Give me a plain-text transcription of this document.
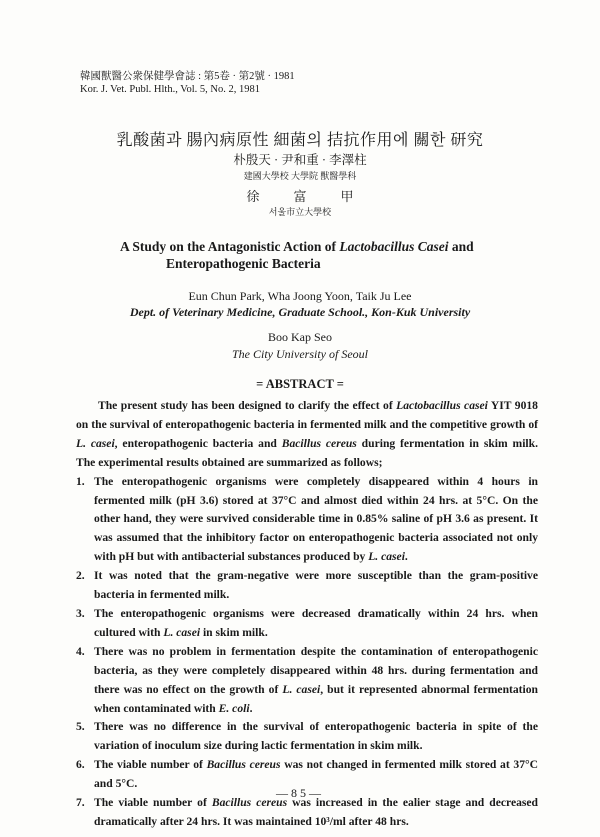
韓國獸醫公衆保健學會誌 : 第5卷 · 第2號 · 1981
Kor. J. Vet. Publ. Hlth., Vol. 5, No. 2, 1981
乳酸菌과 腸內病原性 細菌의 拮抗作用에 關한 研究
朴殷天 · 尹和重 · 李澤柱
建國大學校 大學院 獸醫學科
徐富甲
서울市立大學校
A Study on the Antagonistic Action of Lactobacillus Casei and
Enteropathogenic Bacteria
Eun Chun Park, Wha Joong Yoon, Taik Ju Lee
Dept. of Veterinary Medicine, Graduate School., Kon-Kuk University
Boo Kap Seo
The City University of Seoul
= ABSTRACT =

The present study has been designed to clarify the effect of Lactobacillus casei YIT 9018 on the survival of enteropathogenic bacteria in fermented milk and the competitive growth of L. casei, enteropathogenic bacteria and Bacillus cereus during fermentation in skim milk. The experimental results obtained are summarized as follows;

1. The enteropathogenic organisms were completely disappeared within 4 hours in fermented milk (pH 3.6) stored at 37°C and almost died within 24 hrs. at 5°C. On the other hand, they were survived considerable time in 0.85% saline of pH 3.6 as present. It was assumed that the inhibitory factor on enteropathogenic bacteria associated not only with pH but with antibacterial substances produced by L. casei.
2. It was noted that the gram-negative were more susceptible than the gram-positive bacteria in fermented milk.
3. The enteropathogenic organisms were decreased dramatically within 24 hrs. when cultured with L. casei in skim milk.
4. There was no problem in fermentation despite the contamination of enteropathogenic bacteria, as they were completely disappeared within 48 hrs. during fermentation and there was no effect on the growth of L. casei, but it represented abnormal fermentation when contaminated with E. coli.
5. There was no difference in the survival of enteropathogenic bacteria in spite of the variation of inoculum size during lactic fermentation in skim milk.
6. The viable number of Bacillus cereus was not changed in fermented milk stored at 37°C and 5°C.
7. The viable number of Bacillus cereus was increased in the ealier stage and decreased dramatically after 24 hrs. It was maintained 10³/ml after 48 hrs.
—85—
